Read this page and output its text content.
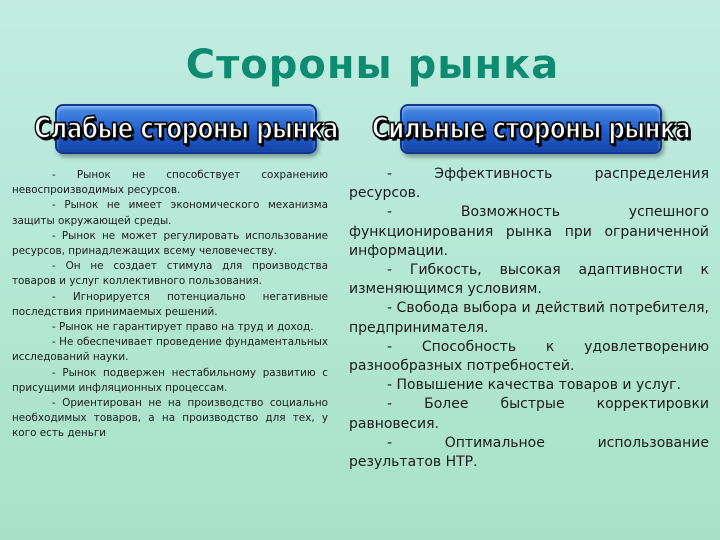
Стороны рынка
Слабые стороны рынка Сильные стороны рынка

- Рынок не способствует сохранению невоспроизводимых ресурсов.

- Рынок не имеет экономического механизма защиты окружающей среды.

- Рынок не может регулировать использование ресурсов, принадлежащих всему человечеству.

- Он не создает стимула для производства товаров и услуг коллективного пользования.

- Игнорируется потенциально негативные последствия принимаемых решений.

- Рынок не гарантирует право на труд и доход.

- Не обеспечивает проведение фундаментальных исследований науки.

- Рынок подвержен нестабильному развитию с присущими инфляционных процессам.

- Ориентирован не на производство социально необходимых товаров, а на производство для тех, у кого есть деньги

- Эффективность распределения ресурсов.

- Возможность успешного функционирования рынка при ограниченной информации.

- Гибкость, высокая адаптивности к изменяющимся условиям.

- Свобода выбора и действий потребителя, предпринимателя.

- Способность к удовлетворению разнообразных потребностей.

- Повышение качества товаров и услуг.

- Более быстрые корректировки равновесия.

- Оптимальное использование результатов НТР.
